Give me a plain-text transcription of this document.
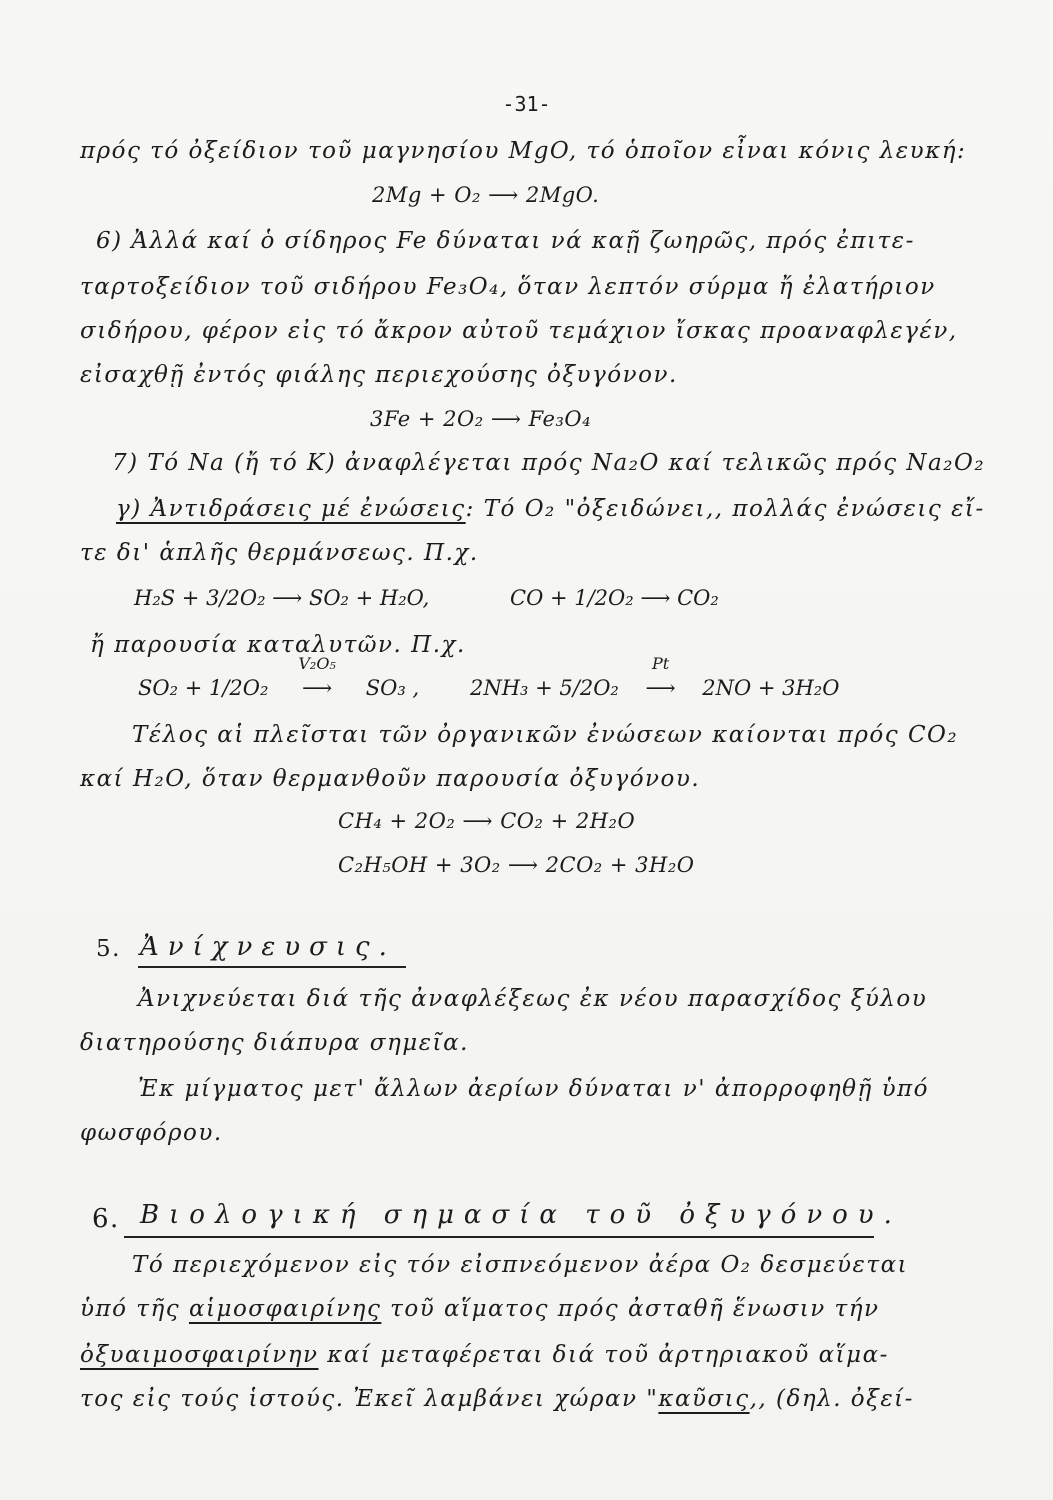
-31-
πρός τό ὀξείδιον τοῦ μαγνησίου MgO, τό ὁποῖον εἶναι κόνις λευκή:
2Mg + O₂ ⟶ 2MgO.
6) Ἀλλά καί ὁ σίδηρος Fe δύναται νά καῇ ζωηρῶς, πρός ἐπιτε-
ταρτοξείδιον τοῦ σιδήρου Fe₃O₄, ὅταν λεπτόν σύρμα ἤ ἐλατήριον
σιδήρου, φέρον εἰς τό ἄκρον αὐτοῦ τεμάχιον ἴσκας προαναφλεγέν,
εἰσαχθῇ ἐντός φιάλης περιεχούσης ὀξυγόνον.
3Fe + 2O₂ ⟶ Fe₃O₄
7) Τό Na (ἤ τό K) ἀναφλέγεται πρός Na₂O καί τελικῶς πρός Na₂O₂
γ) Ἀντιδράσεις μέ ἐνώσεις: Τό O₂ "ὀξειδώνει,, πολλάς ἐνώσεις εἴ-
τε δι' ἁπλῆς θερμάνσεως. Π.χ.
H₂S + 3/2O₂ ⟶ SO₂ + H₂O,	CO + 1/2O₂ ⟶ CO₂
ἤ παρουσία καταλυτῶν. Π.χ.
SO₂ + 1/2O₂
V₂O₅
⟶ SO₃ , 2NH₃ + 5/2O₂
Pt
⟶ 2NO + 3H₂O
Τέλος αἱ πλεῖσται τῶν ὀργανικῶν ἐνώσεων καίονται πρός CO₂
καί H₂O, ὅταν θερμανθοῦν παρουσία ὀξυγόνου.
CH₄ + 2O₂ ⟶ CO₂ + 2H₂O
C₂H₅OH + 3O₂ ⟶ 2CO₂ + 3H₂O
5. Ἀνίχνευσις.
Ἀνιχνεύεται διά τῆς ἀναφλέξεως ἐκ νέου παρασχίδος ξύλου
διατηρούσης διάπυρα σημεῖα.
Ἐκ μίγματος μετ' ἄλλων ἀερίων δύναται ν' ἀπορροφηθῇ ὑπό
φωσφόρου.
6. Βιολογική σημασία τοῦ ὀξυγόνου.
Τό περιεχόμενον εἰς τόν εἰσπνεόμενον ἀέρα O₂ δεσμεύεται
ὑπό τῆς αἱμοσφαιρίνης τοῦ αἵματος πρός ἀσταθῆ ἕνωσιν τήν
ὀξυαιμοσφαιρίνην καί μεταφέρεται διά τοῦ ἀρτηριακοῦ αἵμα-
τος εἰς τούς ἱστούς. Ἐκεῖ λαμβάνει χώραν "καῦσις,, (δηλ. ὀξεί-
